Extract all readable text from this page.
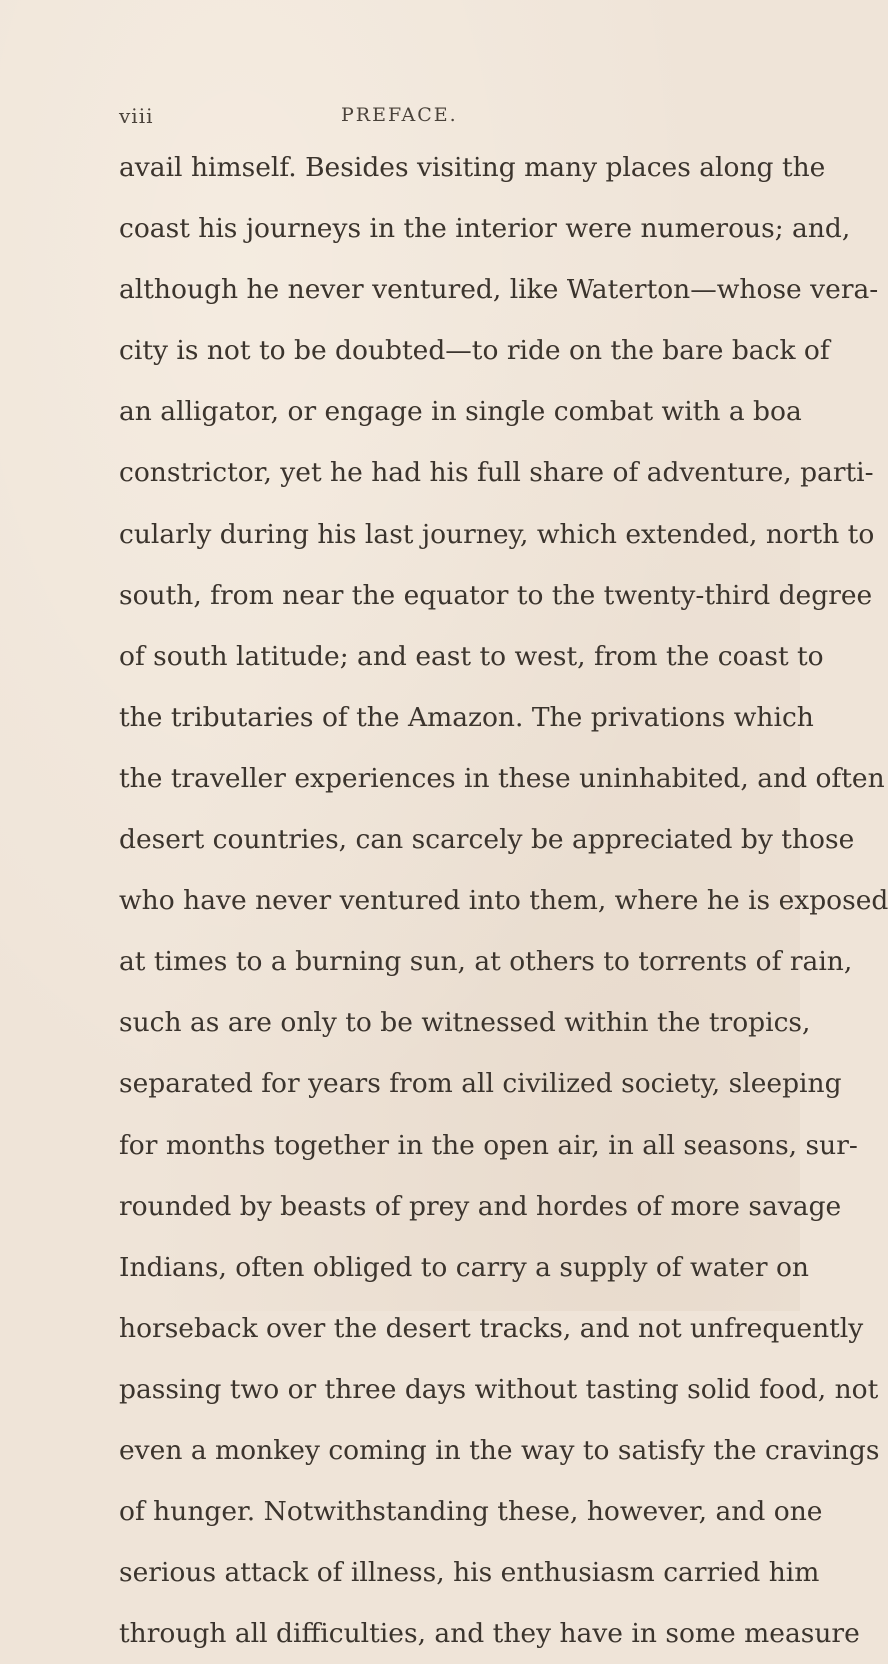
viii	PREFACE.
avail himself. Besides visiting many places along the
coast his journeys in the interior were numerous; and,
although he never ventured, like Waterton—whose vera-
city is not to be doubted—to ride on the bare back of
an alligator, or engage in single combat with a boa
constrictor, yet he had his full share of adventure, parti-
cularly during his last journey, which extended, north to
south, from near the equator to the twenty-third degree
of south latitude; and east to west, from the coast to
the tributaries of the Amazon. The privations which
the traveller experiences in these uninhabited, and often
desert countries, can scarcely be appreciated by those
who have never ventured into them, where he is exposed
at times to a burning sun, at others to torrents of rain,
such as are only to be witnessed within the tropics,
separated for years from all civilized society, sleeping
for months together in the open air, in all seasons, sur-
rounded by beasts of prey and hordes of more savage
Indians, often obliged to carry a supply of water on
horseback over the desert tracks, and not unfrequently
passing two or three days without tasting solid food, not
even a monkey coming in the way to satisfy the cravings
of hunger. Notwithstanding these, however, and one
serious attack of illness, his enthusiasm carried him
through all difficulties, and they have in some measure
